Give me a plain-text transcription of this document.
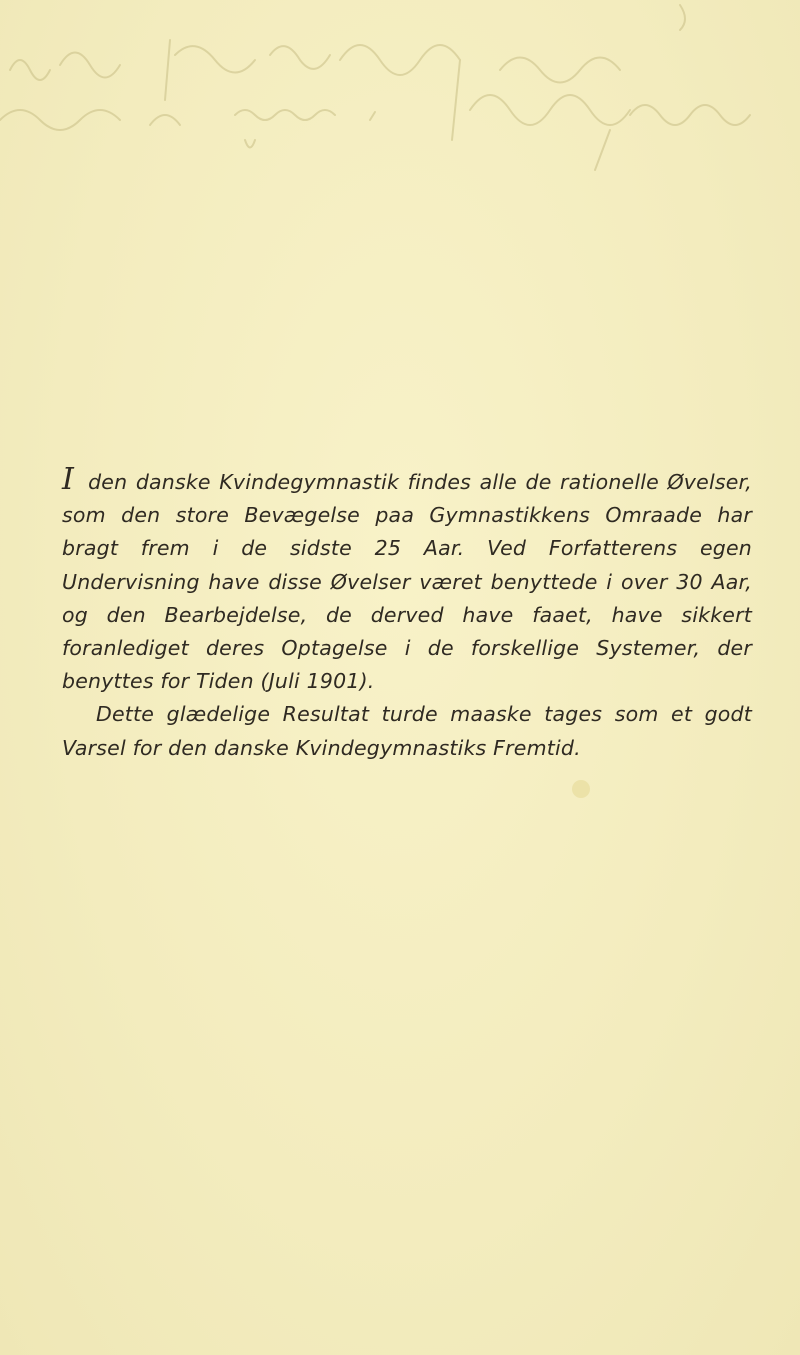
I den danske Kvindegymnastik findes alle de rationelle Øvelser, som den store Bevægelse paa Gymnastikkens Omraade har bragt frem i de sidste 25 Aar. Ved Forfatterens egen Undervisning have disse Øvelser været benyttede i over 30 Aar, og den Bearbejdelse, de derved have faaet, have sikkert foranlediget deres Optagelse i de forskellige Systemer, der benyttes for Tiden (Juli 1901).

Dette glædelige Resultat turde maaske tages som et godt Varsel for den danske Kvindegymnastiks Fremtid.
